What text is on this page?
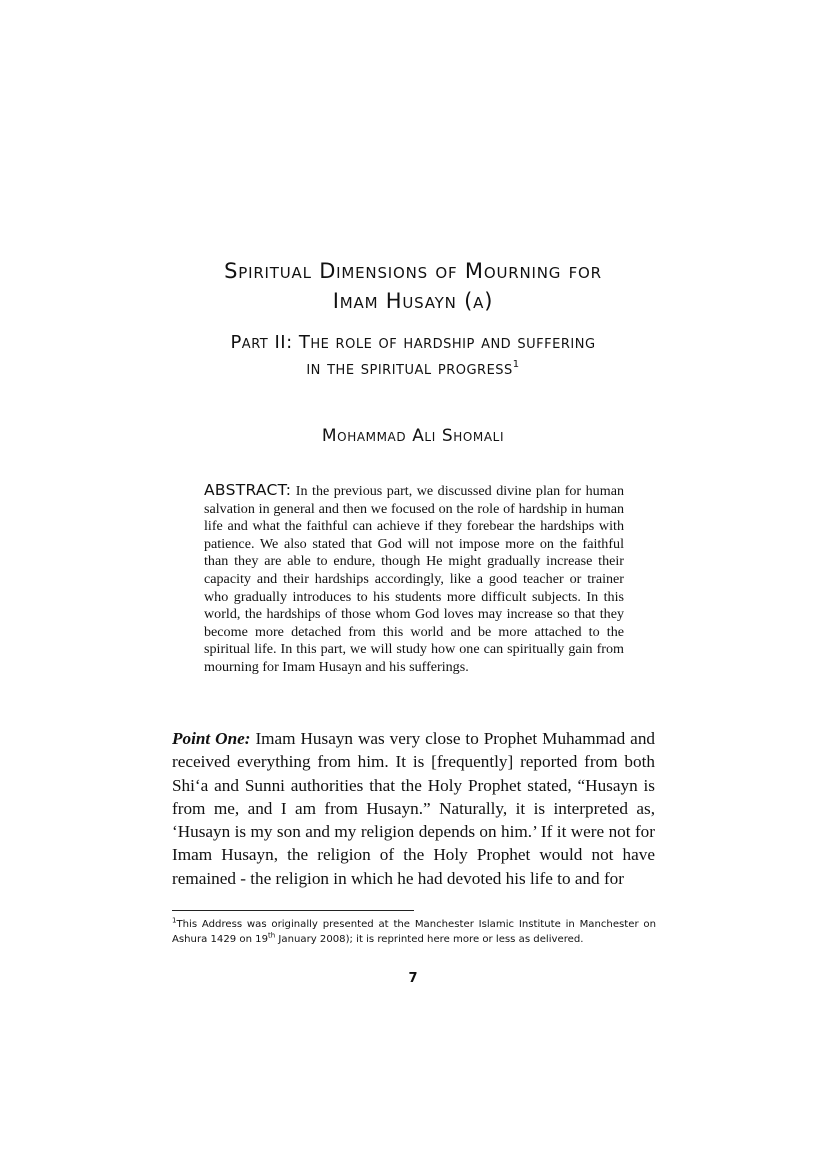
Spiritual Dimensions of Mourning for
Imam Husayn (a)
Part II: The role of hardship and suffering
in the spiritual progress$^1$

Mohammad Ali Shomali

ABSTRACT: In the previous part, we discussed divine plan for human salvation in general and then we focused on the role of hardship in human life and what the faithful can achieve if they forebear the hardships with patience. We also stated that God will not impose more on the faithful than they are able to endure, though He might gradually increase their capacity and their hardships accordingly, like a good teacher or trainer who gradually introduces to his students more difficult subjects. In this world, the hardships of those whom God loves may increase so that they become more detached from this world and be more attached to the spiritual life. In this part, we will study how one can spiritually gain from mourning for Imam Husayn and his sufferings.

Point One: Imam Husayn was very close to Prophet Muhammad and received everything from him. It is [frequently] reported from both Shi‘a and Sunni authorities that the Holy Prophet stated, “Husayn is from me, and I am from Husayn.” Naturally, it is interpreted as, ‘Husayn is my son and my religion depends on him.’ If it were not for Imam Husayn, the religion of the Holy Prophet would not have remained - the religion in which he had devoted his life to and for

$^1$This Address was originally presented at the Manchester Islamic Institute in Manchester on Ashura 1429 on 19th January 2008); it is reprinted here more or less as delivered.

7
